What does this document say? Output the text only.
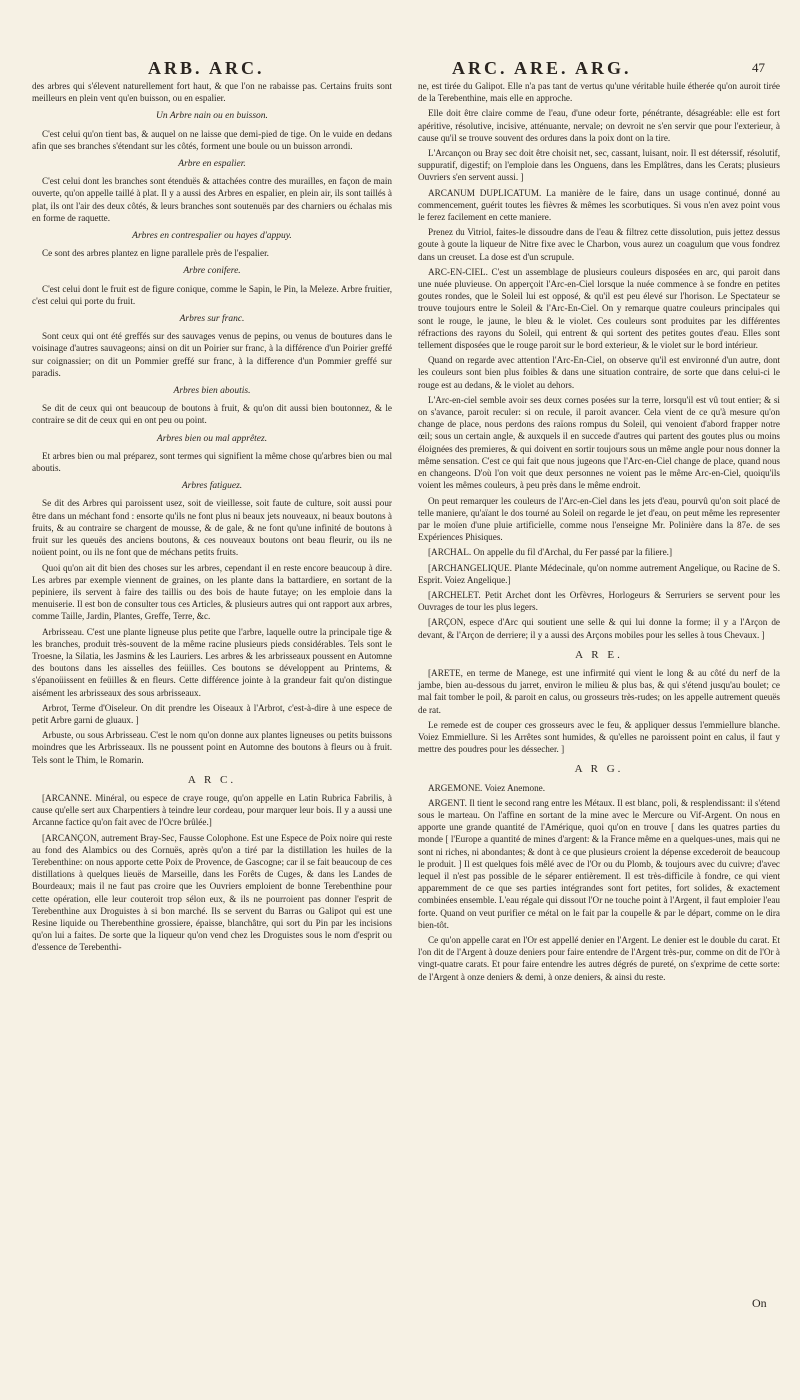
ARB. ARC.	ARC. ARE. ARG.	47

des arbres qui s'élevent naturellement fort haut, & que l'on ne rabaisse pas. Certains fruits sont meilleurs en plein vent qu'en buisson, ou en espalier.

Un Arbre nain ou en buisson.

C'est celui qu'on tient bas, & auquel on ne laisse que demi-pied de tige. On le vuide en dedans afin que ses branches s'étendant sur les côtés, forment une boule ou un buisson arrondi.

Arbre en espalier.

C'est celui dont les branches sont étenduës & attachées contre des murailles, en façon de main ouverte, qu'on appelle taillé à plat. Il y a aussi des Arbres en espalier, en plein air, ils sont taillés à plat, ils ont l'air des deux côtés, & leurs branches sont soutenuës par des charniers ou échalas mis en forme de raquette.

Arbres en contrespalier ou hayes d'appuy.

Ce sont des arbres plantez en ligne parallele près de l'espalier.

Arbre conifere.

C'est celui dont le fruit est de figure conique, comme le Sapin, le Pin, la Meleze. Arbre fruitier, c'est celui qui porte du fruit.

Arbres sur franc.

Sont ceux qui ont été greffés sur des sauvages venus de pepins, ou venus de boutures dans le voisinage d'autres sauvageons; ainsi on dit un Poirier sur franc, à la différence d'un Poirier greffé sur coignassier; on dit un Pommier greffé sur franc, à la difference d'un Pommier greffé sur paradis.

Arbres bien aboutis.

Se dit de ceux qui ont beaucoup de boutons à fruit, & qu'on dit aussi bien boutonnez, & le contraire se dit de ceux qui en ont peu ou point.

Arbres bien ou mal apprêtez.

Et arbres bien ou mal préparez, sont termes qui signifient la même chose qu'arbres bien ou mal aboutis.

Arbres fatiguez.

Se dit des Arbres qui paroissent usez, soit de vieillesse, soit faute de culture, soit aussi pour être dans un méchant fond : ensorte qu'ils ne font plus ni beaux jets nouveaux, ni beaux boutons à fruits, & au contraire se chargent de mousse, & de gale, & ne font qu'une infinité de boutons à fruit sur les queuës des anciens boutons, & ces nouveaux boutons ont beau fleurir, ou ils ne noüent point, ou ils ne font que de méchans petits fruits.

Quoi qu'on ait dit bien des choses sur les arbres, cependant il en reste encore beaucoup à dire. Les arbres par exemple viennent de graines, on les plante dans la battardiere, en sortant de la pepiniere, ils servent à faire des taillis ou des bois de haute futaye; on les emploie dans la menuiserie. Il est bon de consulter tous ces Articles, & plusieurs autres qui ont rapport aux arbres, comme Taille, Jardin, Plantes, Greffe, Terre, &c.

Arbrisseau. C'est une plante ligneuse plus petite que l'arbre, laquelle outre la principale tige & les branches, produit très-souvent de la même racine plusieurs pieds considérables. Tels sont le Troesne, la Silatia, les Jasmins & les Lauriers. Les arbres & les arbrisseaux poussent en Automne des boutons dans les aisselles des feüilles. Ces boutons se développent au Printems, & s'épanoüissent en feüilles & en fleurs. Cette différence jointe à la grandeur fait qu'on distingue aisément les arbrisseaux des sous arbrisseaux.

Arbrot, Terme d'Oiseleur. On dit prendre les Oiseaux à l'Arbrot, c'est-à-dire à une espece de petit Arbre garni de gluaux. ]

Arbuste, ou sous Arbrisseau. C'est le nom qu'on donne aux plantes ligneuses ou petits buissons moindres que les Arbrisseaux. Ils ne poussent point en Automne des boutons à fleurs ou à fruit. Tels sont le Thim, le Romarin.

A R C.

[ARCANNE. Minéral, ou espece de craye rouge, qu'on appelle en Latin Rubrica Fabrilis, à cause qu'elle sert aux Charpentiers à teindre leur cordeau, pour marquer leur bois. Il y a aussi une Arcanne factice qu'on fait avec de l'Ocre brûlée.]

[ARCANÇON, autrement Bray-Sec, Fausse Colophone. Est une Espece de Poix noire qui reste au fond des Alambics ou des Cornuës, après qu'on a tiré par la distillation les huiles de la Terebenthine: on nous apporte cette Poix de Provence, de Gascogne; car il se fait beaucoup de ces distillations à quelques lieuës de Marseille, dans les Forêts de Cuges, & dans les Landes de Bourdeaux; mais il ne faut pas croire que les Ouvriers emploient de bonne Terebenthine pour cette opération, elle leur couteroit trop sélon eux, & ils ne pourroient pas donner l'esprit de Terebenthine aux Droguistes à si bon marché. Ils se servent du Barras ou Galipot qui est une Resine liquide ou Therebenthine grossiere, épaisse, blanchâtre, qui sort du Pin par les incisions qu'on lui a faites. De sorte que la liqueur qu'on vend chez les Droguistes sous le nom d'esprit ou d'essence de Terebenthi-

ne, est tirée du Galipot. Elle n'a pas tant de vertus qu'une véritable huile étherée qu'on auroit tirée de la Terebenthine, mais elle en approche.

Elle doit être claire comme de l'eau, d'une odeur forte, pénétrante, désagréable: elle est fort apéritive, résolutive, incisive, atténuante, nervale; on devroit ne s'en servir que pour l'exterieur, à cause qu'il se trouve souvent des ordures dans la poix dont on la tire.

L'Arcançon ou Bray sec doit être choisit net, sec, cassant, luisant, noir. Il est déterssif, résolutif, suppuratif, digestif; on l'emploie dans les Onguens, dans les Emplâtres, dans les Cerats; plusieurs Ouvriers s'en servent aussi. ]

ARCANUM DUPLICATUM. La manière de le faire, dans un usage continué, donné au commencement, guérit toutes les fièvres & mêmes les scorbutiques. Si vous n'en avez point vous le ferez facilement en cette maniere.

Prenez du Vitriol, faites-le dissoudre dans de l'eau & filtrez cette dissolution, puis jettez dessus goute à goute la liqueur de Nitre fixe avec le Charbon, vous aurez un coagulum que vous fondrez dans un creuset. La dose est d'un scrupule.

ARC-EN-CIEL. C'est un assemblage de plusieurs couleurs disposées en arc, qui paroit dans une nuée pluvieuse. On apperçoit l'Arc-en-Ciel lorsque la nuée commence à se fondre en petites goutes rondes, que le Soleil lui est opposé, & qu'il est peu élevé sur l'horison. Le Spectateur se trouve toujours entre le Soleil & l'Arc-En-Ciel. On y remarque quatre couleurs principales qui sont le rouge, le jaune, le bleu & le violet. Ces couleurs sont produites par les différentes réfractions des rayons du Soleil, qui entrent & qui sortent des petites goutes d'eau. Elles sont tellement disposées que le rouge paroit sur le bord exterieur, & le violet sur le bord intérieur.

Quand on regarde avec attention l'Arc-En-Ciel, on observe qu'il est environné d'un autre, dont les couleurs sont bien plus foibles & dans une situation contraire, de sorte que dans celui-ci le rouge est au dedans, & le violet au dehors.

L'Arc-en-ciel semble avoir ses deux cornes posées sur la terre, lorsqu'il est vû tout entier; & si on s'avance, paroit reculer: si on recule, il paroit avancer. Cela vient de ce qu'à mesure qu'on change de place, nous perdons des raïons rompus du Soleil, qui venoient d'abord frapper notre œil; sous un certain angle, & auxquels il en succede d'autres qui partent des goutes plus ou moins éloignées des premieres, & qui doivent en sortir toujours sous un même angle pour nous donner la même sensation. C'est ce qui fait que nous jugeons que l'Arc-en-Ciel change de place, quand nous en changeons. D'où l'on voit que deux personnes ne voient pas le même Arc-en-Ciel, quoiqu'ils voient les mêmes couleurs, à peu près dans le même endroit.

On peut remarquer les couleurs de l'Arc-en-Ciel dans les jets d'eau, pourvû qu'on soit placé de telle maniere, qu'aïant le dos tourné au Soleil on regarde le jet d'eau, on peut même les representer par le moïen d'une pluie artificielle, comme nous l'enseigne Mr. Polinière dans la 87e. de ses Expériences Phisiques.

[ARCHAL. On appelle du fil d'Archal, du Fer passé par la filiere.]

[ARCHANGELIQUE. Plante Médecinale, qu'on nomme autrement Angelique, ou Racine de S. Esprit. Voiez Angelique.]

[ARCHELET. Petit Archet dont les Orfèvres, Horlogeurs & Serruriers se servent pour les Ouvrages de tour les plus legers.

[ARÇON, espece d'Arc qui soutient une selle & qui lui donne la forme; il y a l'Arçon de devant, & l'Arçon de derriere; il y a aussi des Arçons mobiles pour les selles à tous Chevaux. ]

A R E.

[ARETE, en terme de Manege, est une infirmité qui vient le long & au côté du nerf de la jambe, bien au-dessous du jarret, environ le milieu & plus bas, & qui s'étend jusqu'au boulet; ce mal fait tomber le poil, & paroit en calus, ou grosseurs très-rudes; on les appelle autrement queuës de rat.

Le remede est de couper ces grosseurs avec le feu, & appliquer dessus l'emmiellure blanche. Voiez Emmiellure. Si les Arrêtes sont humides, & qu'elles ne paroissent point en calus, il faut y mettre des poudres pour les déssecher. ]

A R G.

ARGEMONE. Voiez Anemone.

ARGENT. Il tient le second rang entre les Métaux. Il est blanc, poli, & resplendissant: il s'étend sous le marteau. On l'affine en sortant de la mine avec le Mercure ou Vif-Argent. On nous en apporte une grande quantité de l'Amérique, quoi qu'on en trouve [ dans les quatres parties du monde [ l'Europe a quantité de mines d'argent: & la France même en a quelques-unes, mais qui ne sont ni riches, ni abondantes; & dont à ce que plusieurs croient la dépense excederoit de beaucoup le produit. ] Il est quelques fois mêlé avec de l'Or ou du Plomb, & toujours avec du cuivre; d'avec lequel il n'est pas possible de le séparer entièrement. Il est très-difficile à fondre, ce qui vient apparemment de ce que ses parties intégrandes sont fort petites, fort solides, & exactement combinées ensemble. L'eau régale qui dissout l'Or ne touche point à l'Argent, il faut emploier l'eau forte. Quand on veut purifier ce métal on le fait par la coupelle & par le départ, comme on le dira bien-tôt.

Ce qu'on appelle carat en l'Or est appellé denier en l'Argent. Le denier est le double du carat. Et l'on dit de l'Argent à douze deniers pour faire entendre de l'Argent très-pur, comme on dit de l'Or à vingt-quatre carats. Et pour faire entendre les autres dégrés de pureté, on s'exprime de cette sorte: de l'Argent à onze deniers & demi, à onze deniers, & ainsi du reste.

On
